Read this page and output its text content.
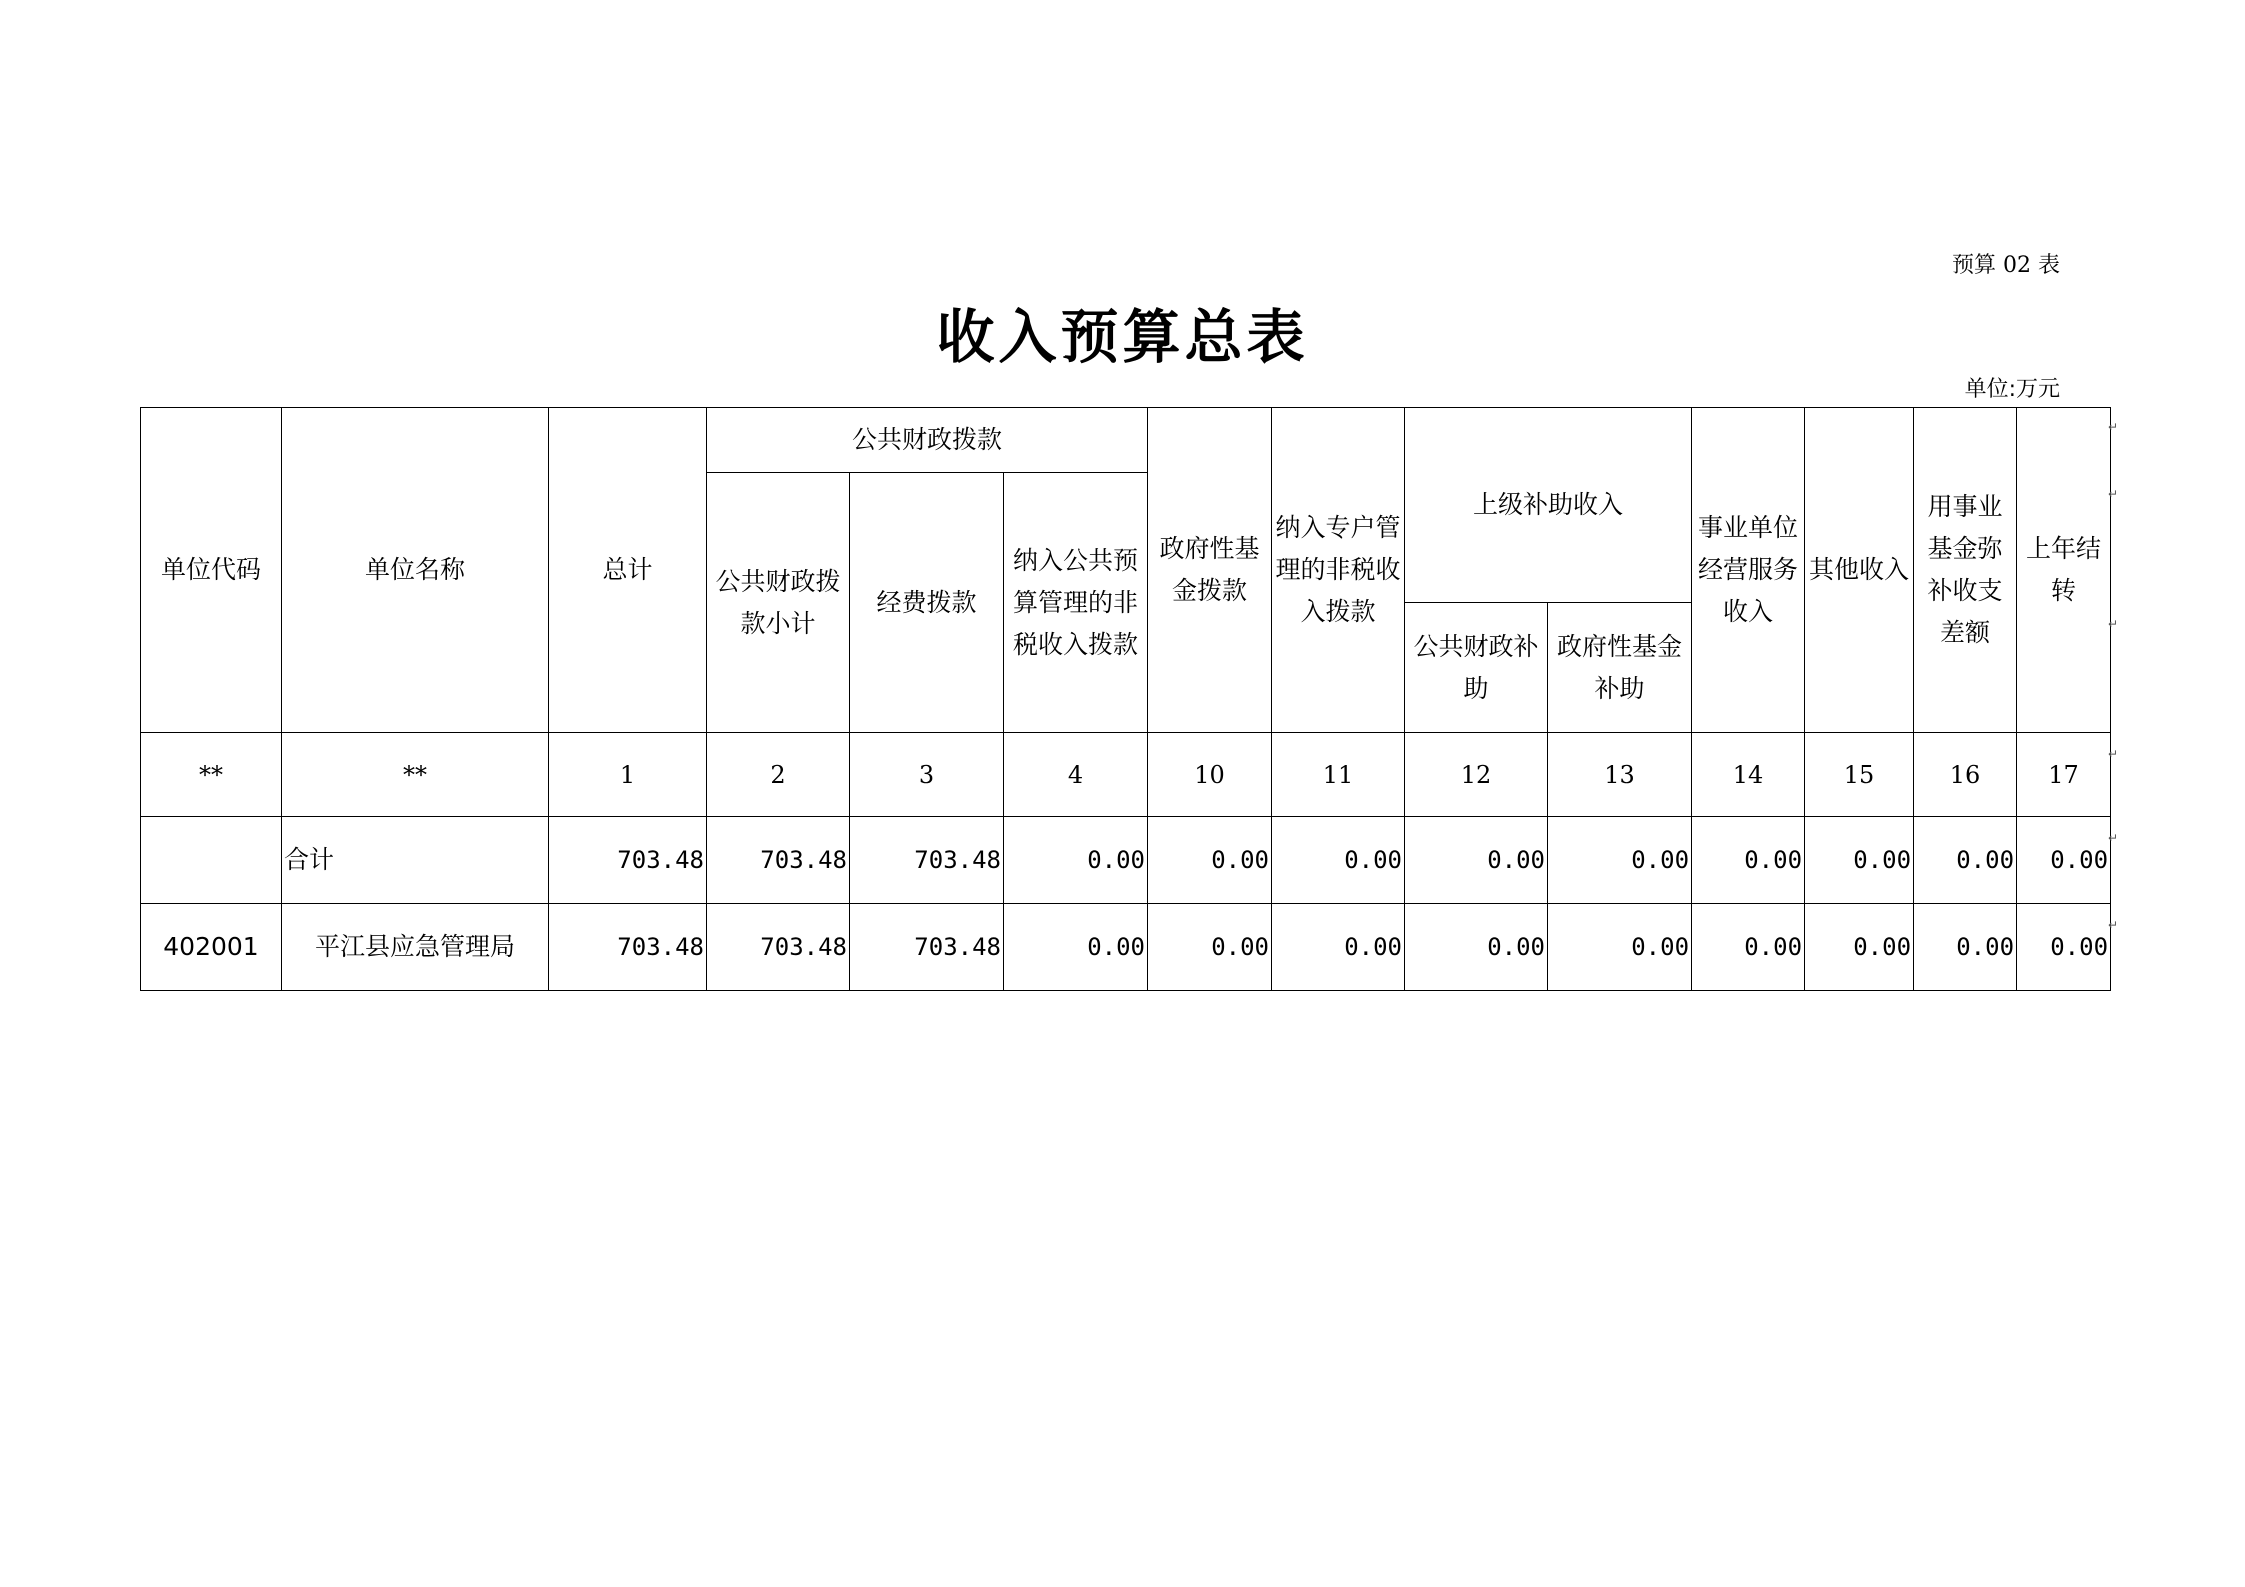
预算 02 表
收入预算总表
单位:万元
单位代码	单位名称	总计	公共财政拨款			政府性基金拨款	纳入专户管理的非税收入拨款	上级补助收入		事业单位经营服务收入	其他收入	用事业基金弥补收支差额	上年结转
			公共财政拨款小计	经费拨款	纳入公共预算管理的非税收入拨款								
								公共财政补助	政府性基金补助				
**	**	1	2	3	4	10	11	12	13	14	15	16	17
	合计	703.48	703.48	703.48	0.00	0.00	0.00	0.00	0.00	0.00	0.00	0.00	0.00
402001	平江县应急管理局	703.48	703.48	703.48	0.00	0.00	0.00	0.00	0.00	0.00	0.00	0.00	0.00
↵
↵
↵
↵
↵
↵
